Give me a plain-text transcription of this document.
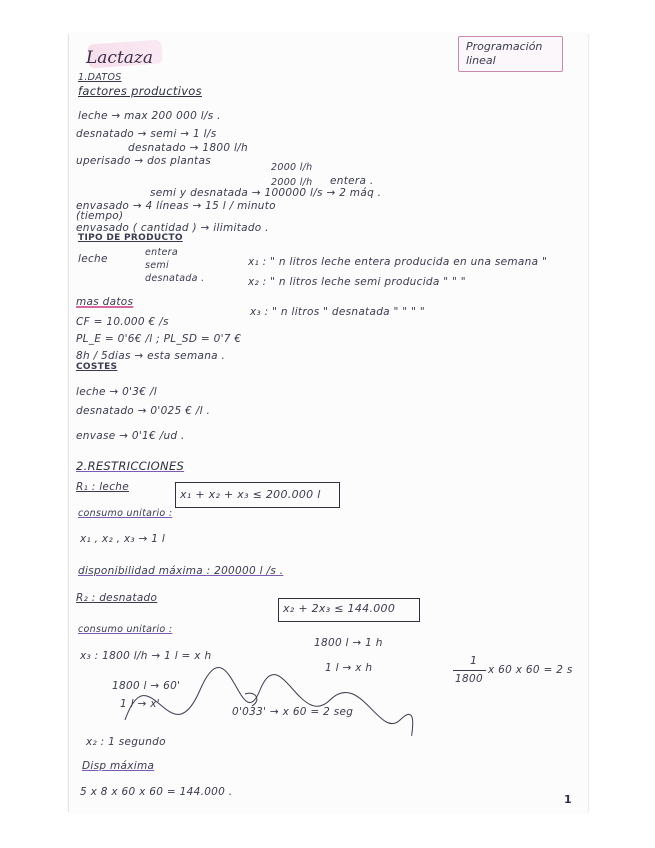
Lactaza
Programación
lineal
1.DATOS
factores productivos
leche → max 200 000 l/s .
desnatado → semi → 1 l/s
desnatado → 1800 l/h
uperisado → dos plantas
2000 l/h
2000 l/h entera .
semi y desnatada → 100000 l/s → 2 máq .
envasado → 4 líneas → 15 l / minuto
(tiempo)
envasado ( cantidad ) → ilimitado .
TIPO DE PRODUCTO
leche
entera
semi
desnatada .
x₁ : " n litros leche entera producida en una semana "
x₂ : " n litros leche semi producida " " "
x₃ : " n litros " desnatada " " " "
mas datos
CF = 10.000 € /s
PL_E = 0'6€ /l ; PL_SD = 0'7 €
8h / 5dias → esta semana .
COSTES
leche → 0'3€ /l
desnatado → 0'025 € /l .
envase → 0'1€ /ud .
2.RESTRICCIONES
R₁ : leche
x₁ + x₂ + x₃ ≤ 200.000 l
consumo unitario :
x₁ , x₂ , x₃ → 1 l
disponibilidad máxima : 200000 l /s .
R₂ : desnatado
x₂ + 2x₃ ≤ 144.000
consumo unitario :
1800 l → 1 h
x₃ : 1800 l/h → 1 l = x h
1 l → x h
1
1800
x 60 x 60 = 2 s
1800 l → 60'
1 l → x'
0'033' → x 60 = 2 seg
x₂ : 1 segundo
Disp máxima
5 x 8 x 60 x 60 = 144.000 .
1
